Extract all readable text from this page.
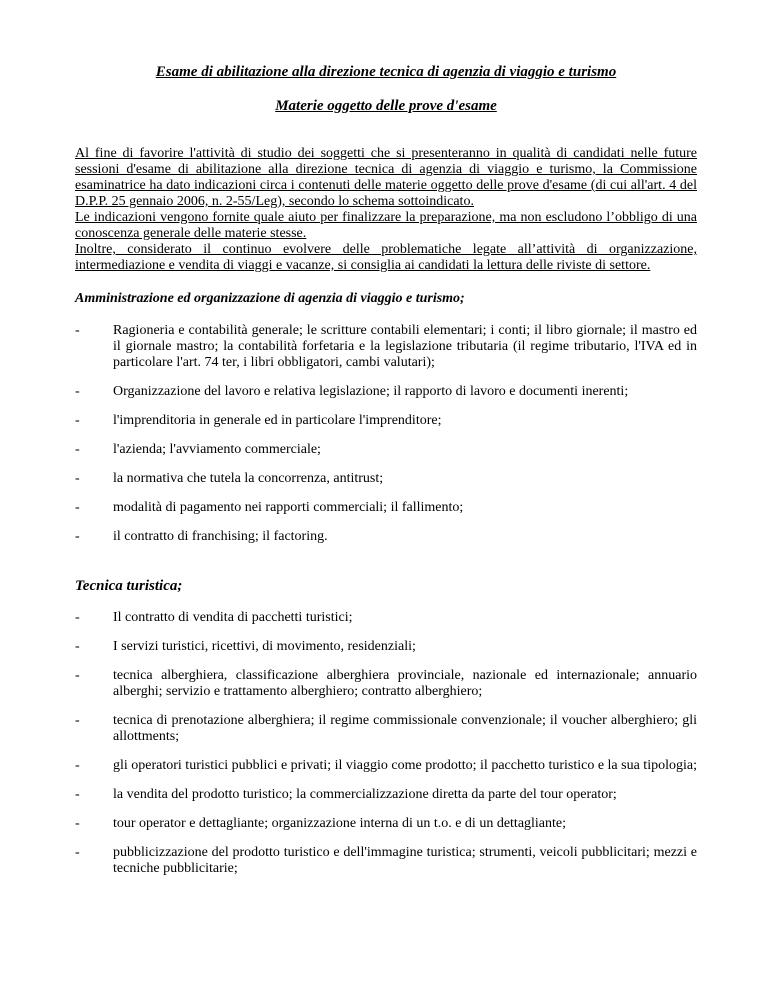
Esame di abilitazione alla direzione tecnica di agenzia di viaggio e turismo
Materie oggetto delle prove d'esame

Al fine di favorire l'attività di studio dei soggetti che si presenteranno in qualità di candidati nelle future sessioni d'esame di abilitazione alla direzione tecnica di agenzia di viaggio e turismo, la Commissione esaminatrice ha dato indicazioni circa i contenuti delle materie oggetto delle prove d'esame (di cui all'art. 4 del D.P.P. 25 gennaio 2006, n. 2-55/Leg), secondo lo schema sottoindicato.

Le indicazioni vengono fornite quale aiuto per finalizzare la preparazione, ma non escludono l’obbligo di una conoscenza generale delle materie stesse.

Inoltre, considerato il continuo evolvere delle problematiche legate all’attività di organizzazione, intermediazione e vendita di viaggi e vacanze, si consiglia ai candidati la lettura delle riviste di settore.

Amministrazione ed organizzazione di agenzia di viaggio e turismo;
-	Ragioneria e contabilità generale; le scritture contabili elementari; i conti; il libro giornale; il mastro ed il giornale mastro; la contabilità forfetaria e la legislazione tributaria (il regime tributario, l'IVA ed in particolare l'art. 74 ter, i libri obbligatori, cambi valutari);
-	Organizzazione del lavoro e relativa legislazione; il rapporto di lavoro e documenti inerenti;
-	l'imprenditoria in generale ed in particolare l'imprenditore;
-	l'azienda; l'avviamento commerciale;
-	la normativa che tutela la concorrenza, antitrust;
-	modalità di pagamento nei rapporti commerciali; il fallimento;
-	il contratto di franchising; il factoring.
Tecnica turistica;
-	Il contratto di vendita di pacchetti turistici;
-	I servizi turistici, ricettivi, di movimento, residenziali;
-	tecnica alberghiera, classificazione alberghiera provinciale, nazionale ed internazionale; annuario alberghi; servizio e trattamento alberghiero; contratto alberghiero;
-	tecnica di prenotazione alberghiera; il regime commissionale convenzionale; il voucher alberghiero; gli allottments;
-	gli operatori turistici pubblici e privati; il viaggio come prodotto; il pacchetto turistico e la sua tipologia;
-	la vendita del prodotto turistico; la commercializzazione diretta da parte del tour operator;
-	tour operator e dettagliante; organizzazione interna di un t.o. e di un dettagliante;
-	pubblicizzazione del prodotto turistico e dell'immagine turistica; strumenti, veicoli pubblicitari; mezzi e tecniche pubblicitarie;
